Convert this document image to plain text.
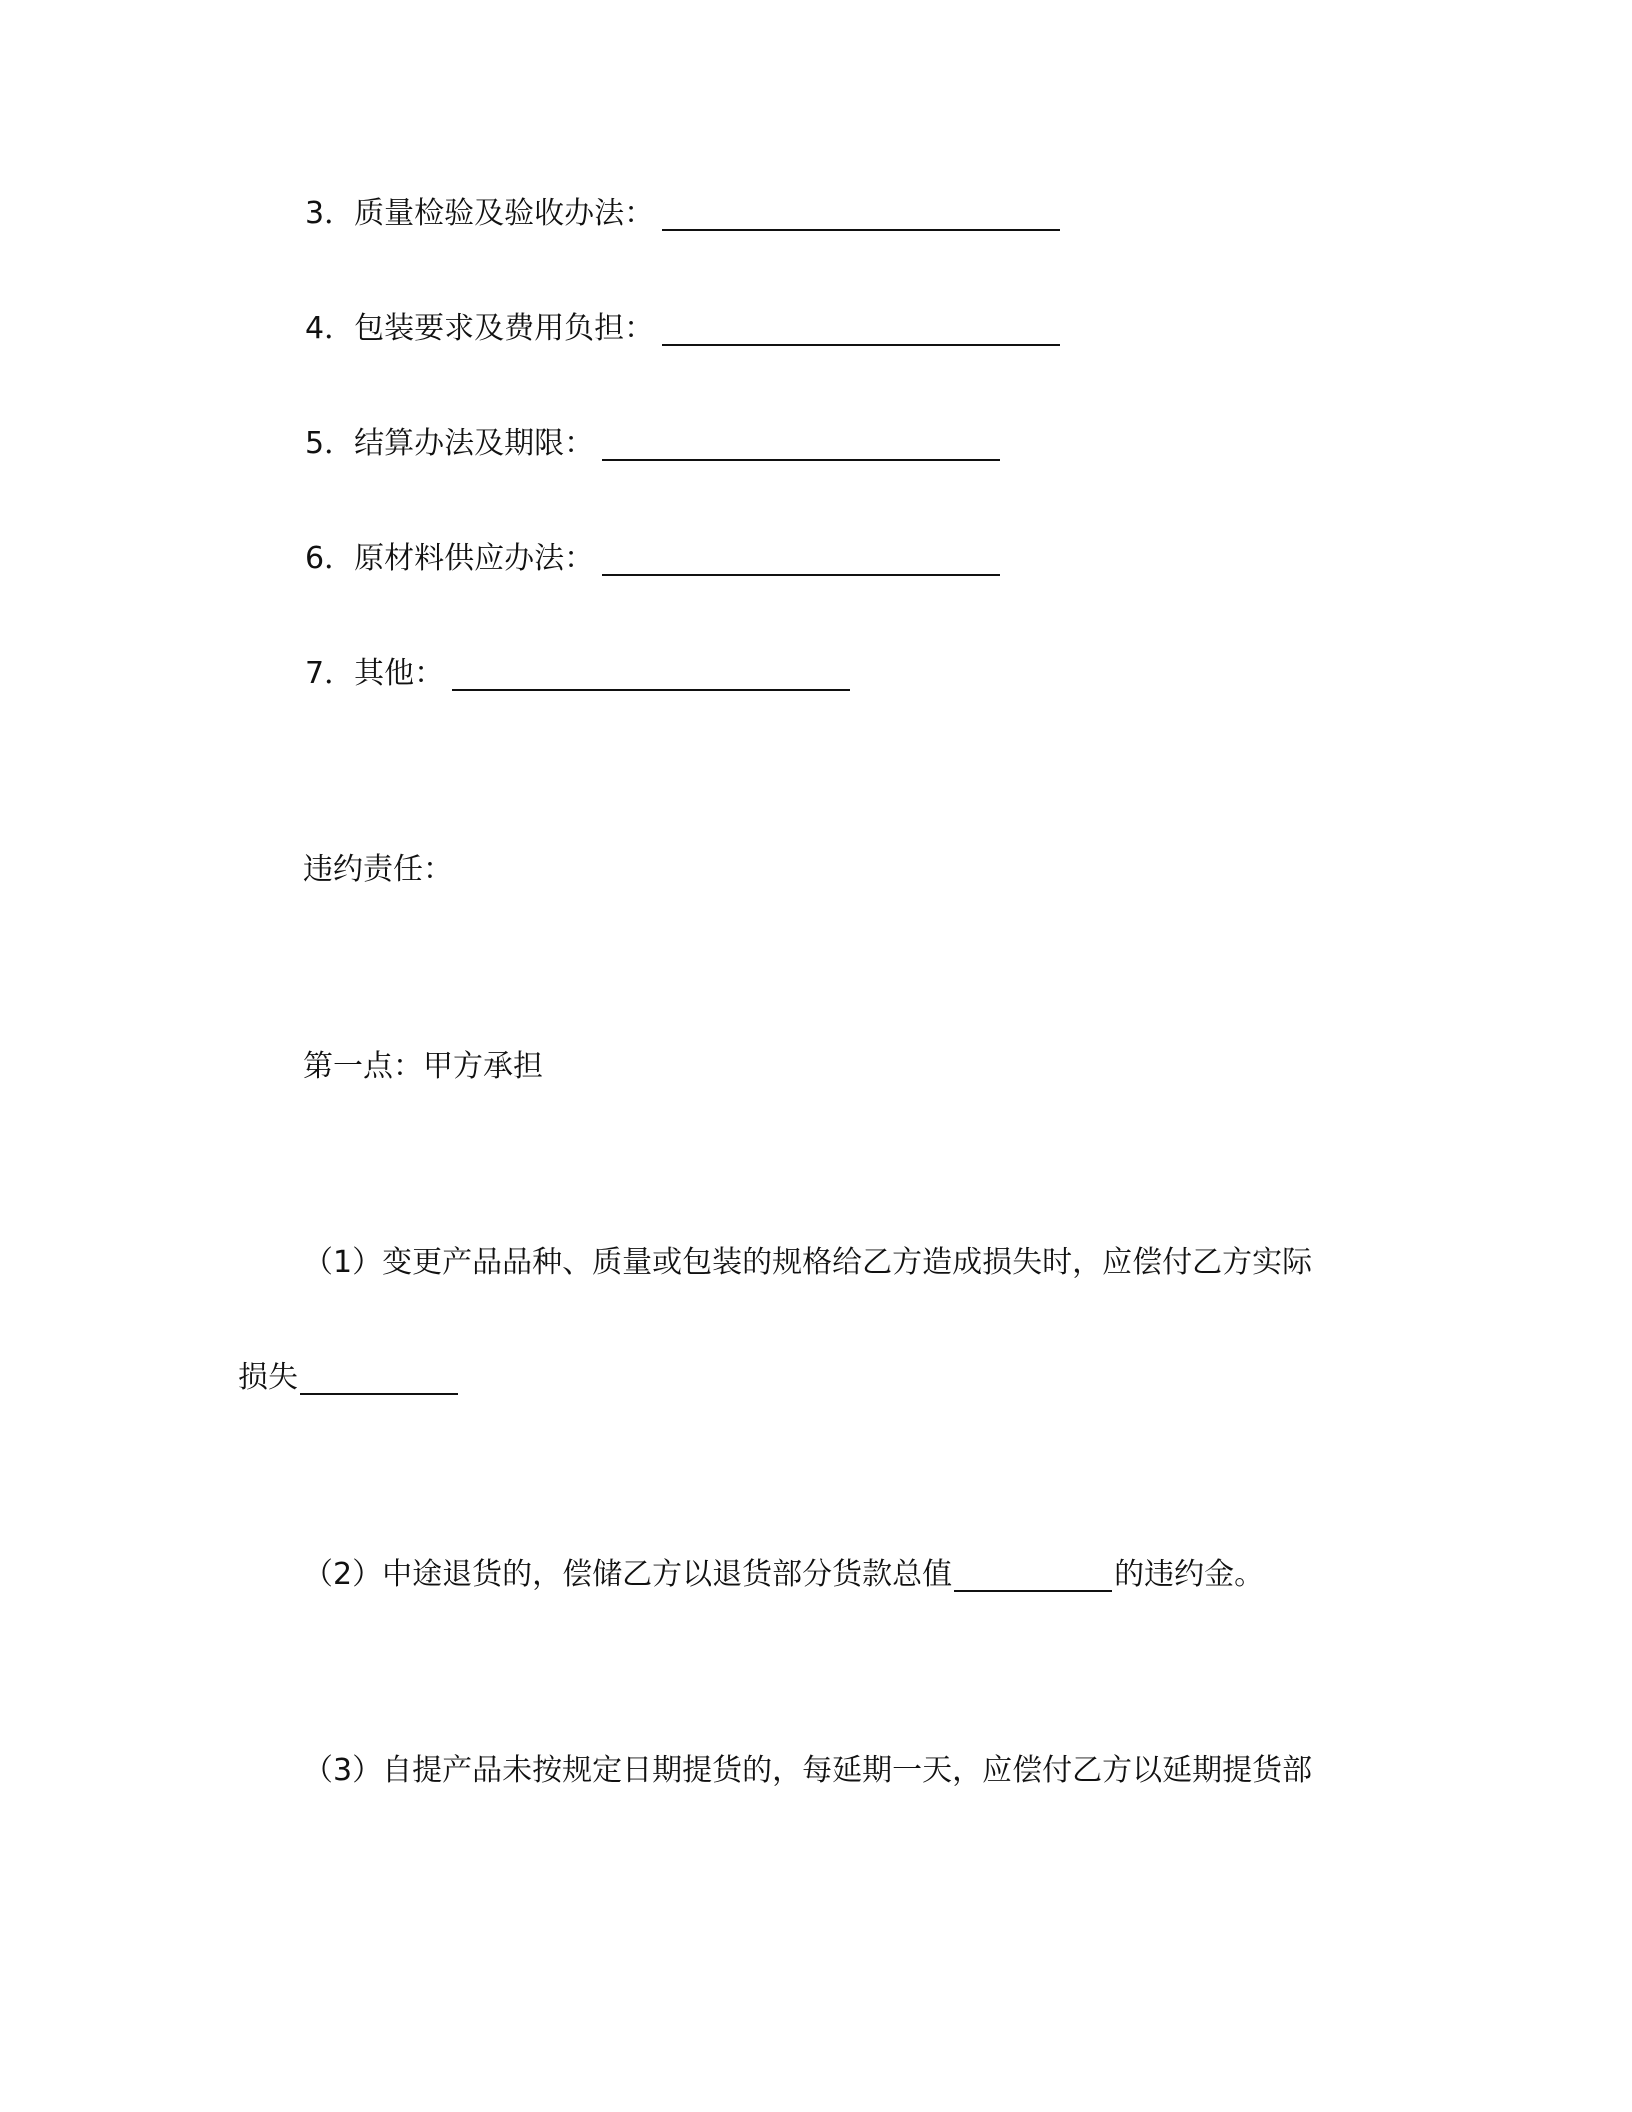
3．质量检验及验收办法：
4．包装要求及费用负担：
5．结算办法及期限：
6．原材料供应办法：
7．其他：
违约责任：
第一点：甲方承担
（1）变更产品品种、质量或包装的规格给乙方造成损失时，应偿付乙方实际
损失
（2）中途退货的，偿储乙方以退货部分货款总值	的违约金。
（3）自提产品未按规定日期提货的，每延期一天，应偿付乙方以延期提货部
